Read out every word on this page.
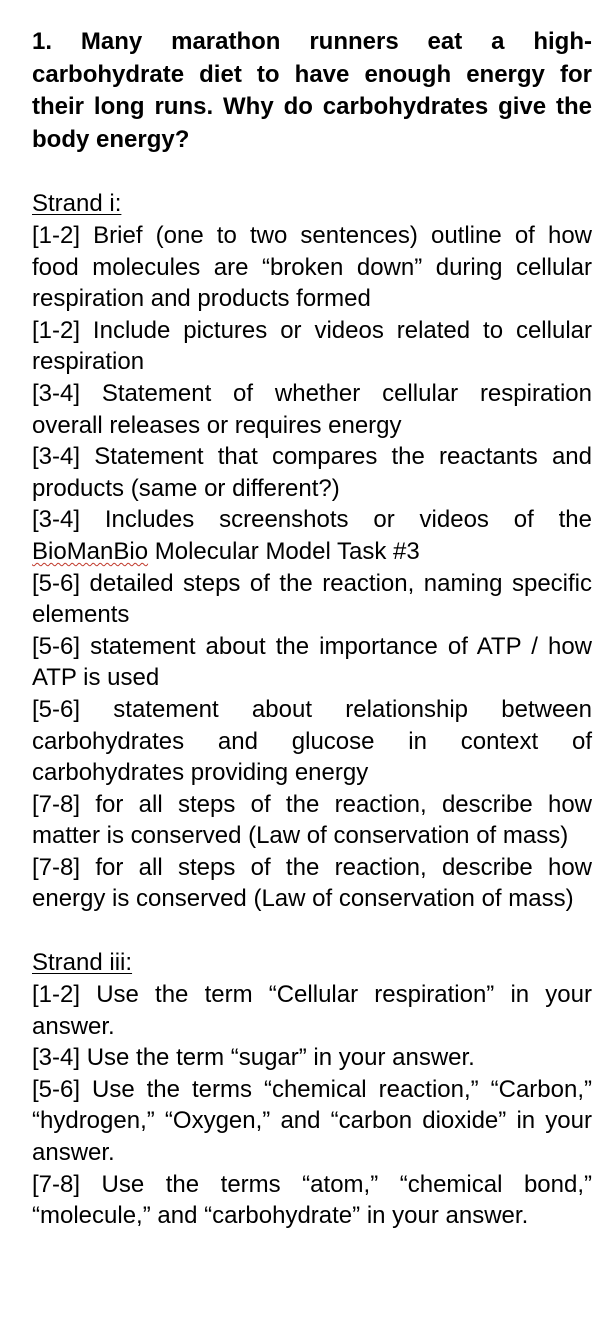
1. Many marathon runners eat a high-carbohydrate diet to have enough energy for their long runs. Why do carbohydrates give the body energy?

Strand i:

[1-2] Brief (one to two sentences) outline of how food molecules are “broken down” during cellular respiration and products formed

[1-2] Include pictures or videos related to cellular respiration

[3-4] Statement of whether cellular respiration overall releases or requires energy

[3-4] Statement that compares the reactants and products (same or different?)

[3-4] Includes screenshots or videos of the BioManBio Molecular Model Task #3

[5-6] detailed steps of the reaction, naming specific elements

[5-6] statement about the importance of ATP / how ATP is used

[5-6] statement about relationship between carbohydrates and glucose in context of carbohydrates providing energy

[7-8] for all steps of the reaction, describe how matter is conserved (Law of conservation of mass)

[7-8] for all steps of the reaction, describe how energy is conserved (Law of conservation of mass)

Strand iii:

[1-2] Use the term “Cellular respiration” in your answer.

[3-4] Use the term “sugar” in your answer.

[5-6] Use the terms “chemical reaction,” “Carbon,” “hydrogen,” “Oxygen,” and “carbon dioxide” in your answer.

[7-8] Use the terms “atom,” “chemical bond,” “molecule,” and “carbohydrate” in your answer.
